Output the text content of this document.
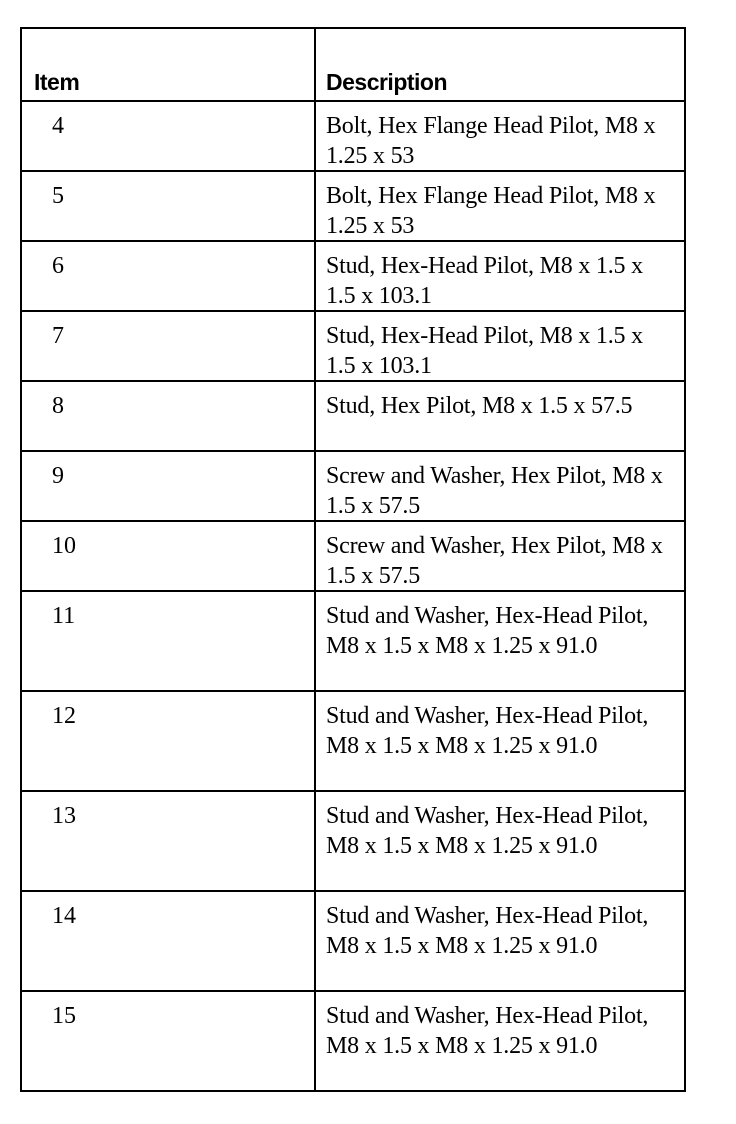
Item	Description
4	Bolt, Hex Flange Head Pilot, M8 x 1.25 x 53
5	Bolt, Hex Flange Head Pilot, M8 x 1.25 x 53
6	Stud, Hex-Head Pilot, M8 x 1.5 x 1.5 x 103.1
7	Stud, Hex-Head Pilot, M8 x 1.5 x 1.5 x 103.1
8	Stud, Hex Pilot, M8 x 1.5 x 57.5
9	Screw and Washer, Hex Pilot, M8 x 1.5 x 57.5
10	Screw and Washer, Hex Pilot, M8 x 1.5 x 57.5
11	Stud and Washer, Hex-Head Pilot, M8 x 1.5 x M8 x 1.25 x 91.0
12	Stud and Washer, Hex-Head Pilot, M8 x 1.5 x M8 x 1.25 x 91.0
13	Stud and Washer, Hex-Head Pilot, M8 x 1.5 x M8 x 1.25 x 91.0
14	Stud and Washer, Hex-Head Pilot, M8 x 1.5 x M8 x 1.25 x 91.0
15	Stud and Washer, Hex-Head Pilot, M8 x 1.5 x M8 x 1.25 x 91.0
